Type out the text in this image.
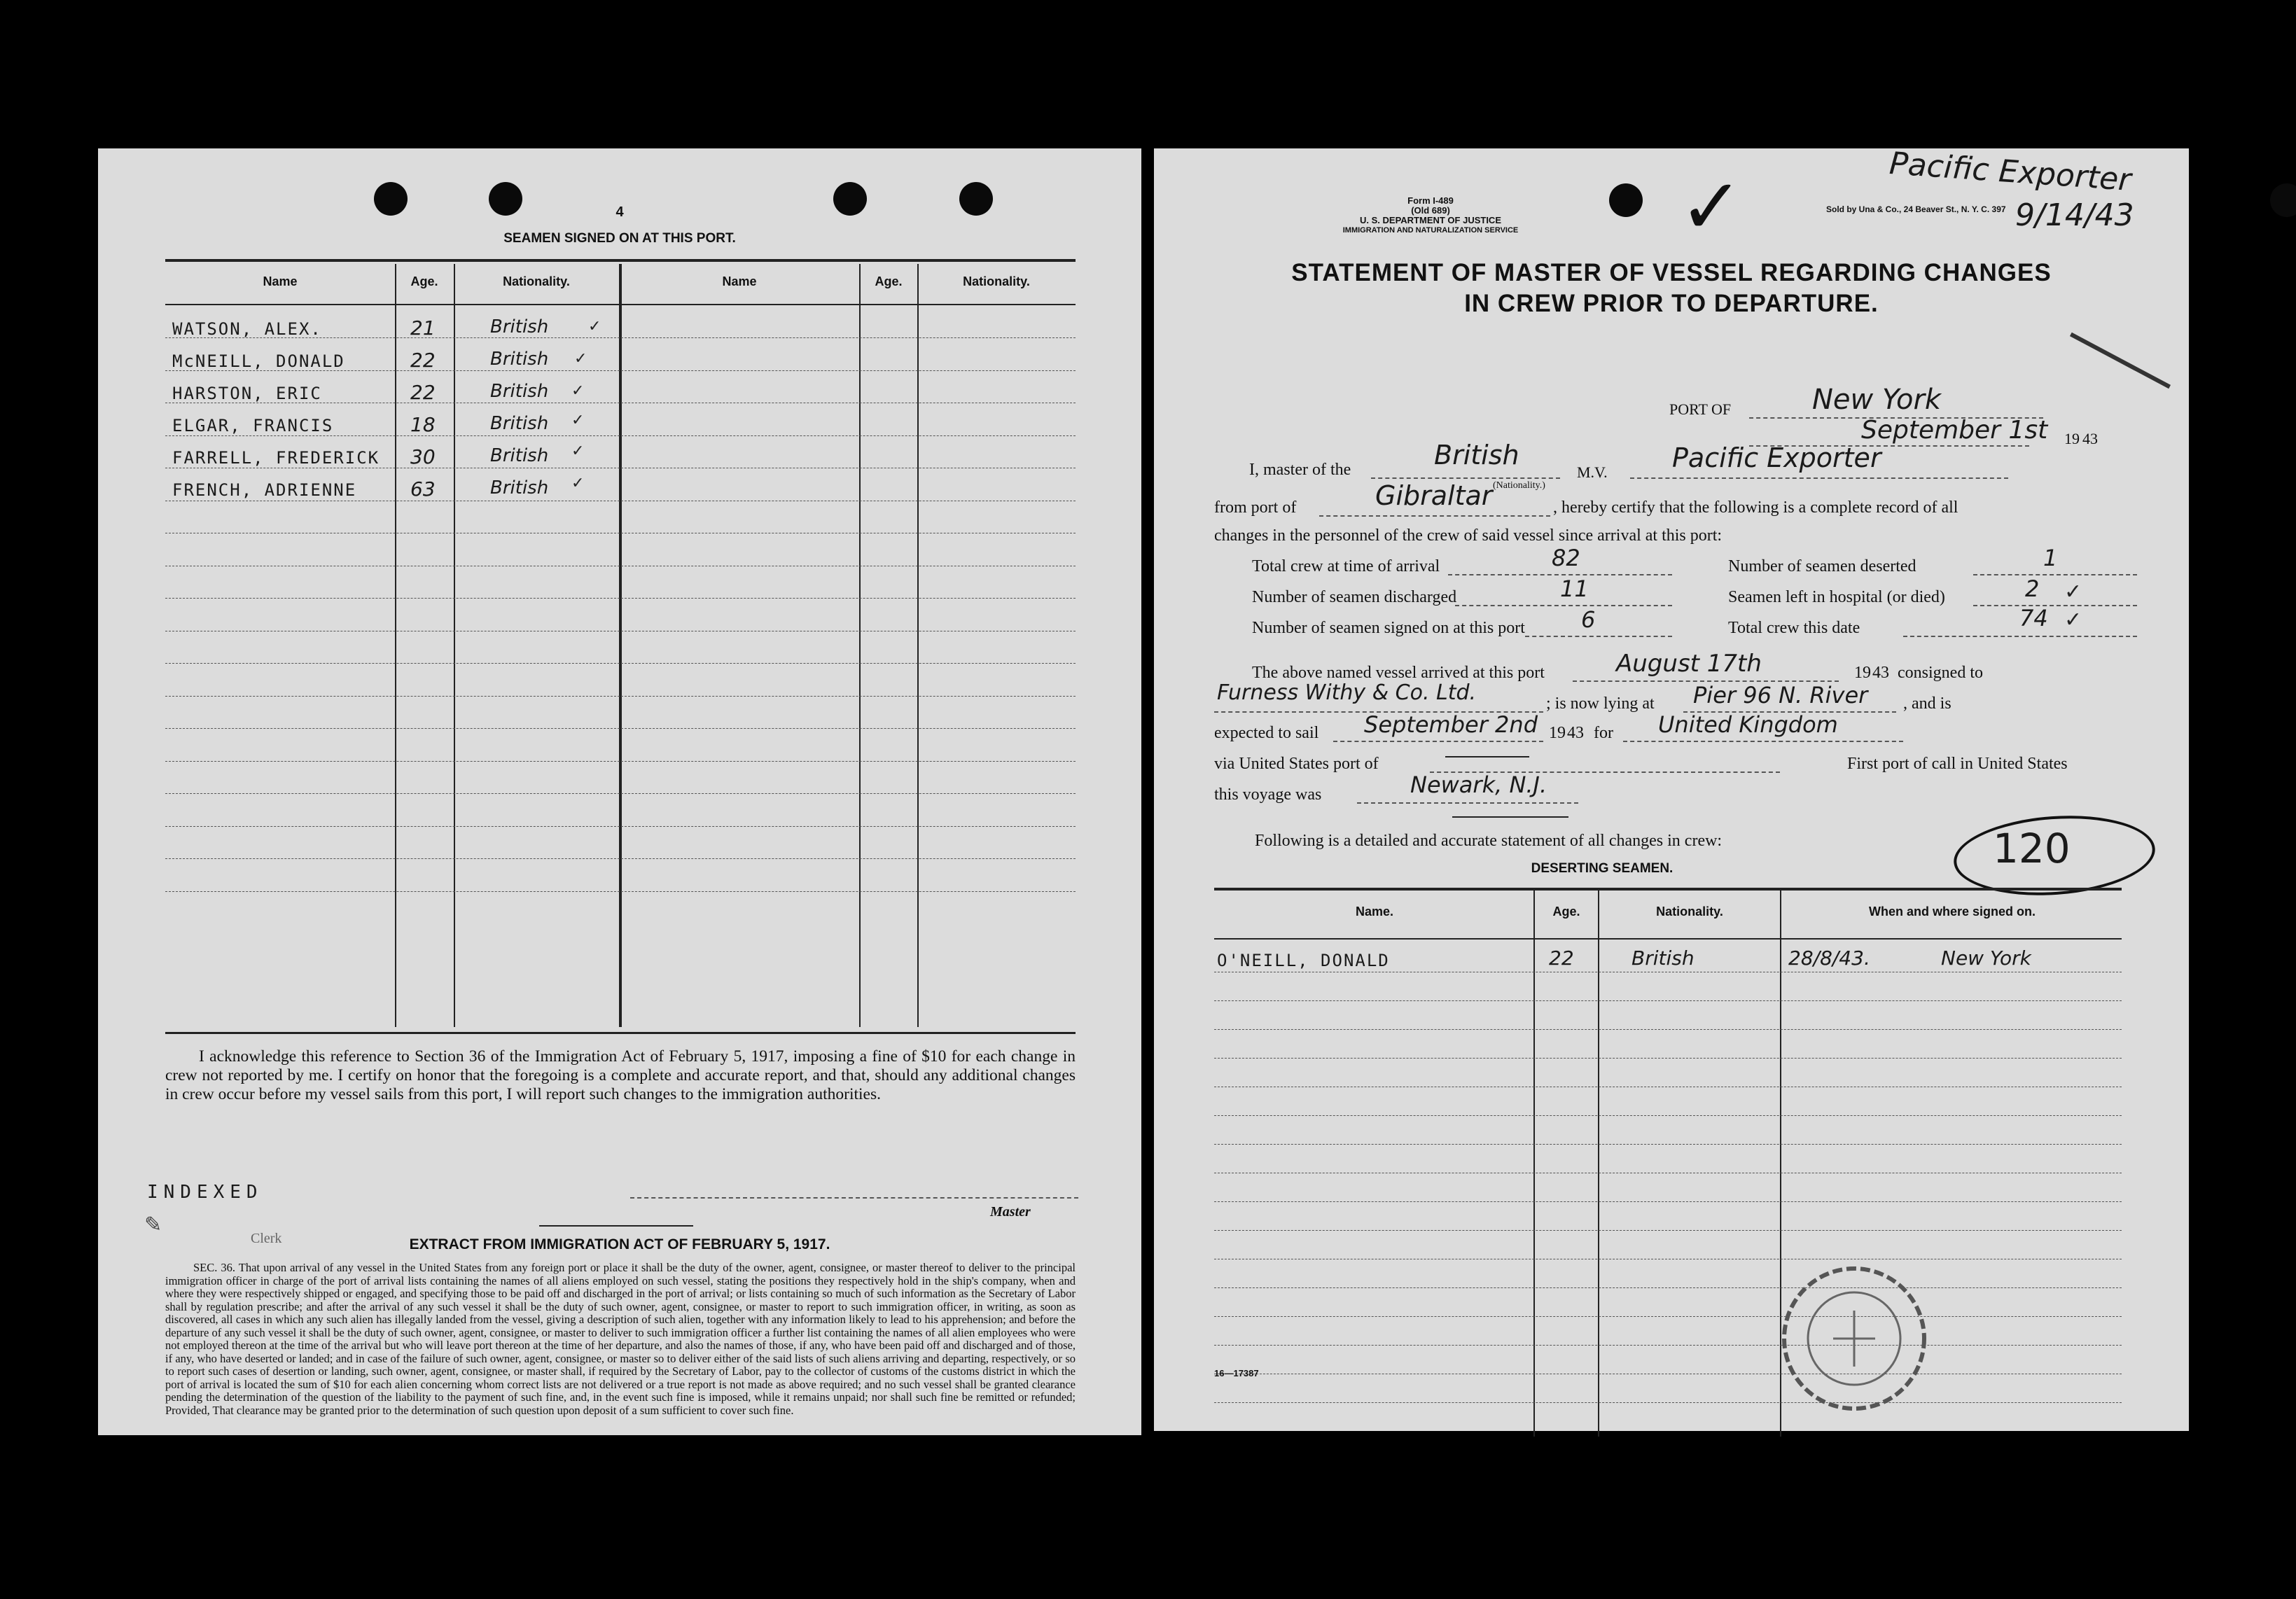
4
SEAMEN SIGNED ON AT THIS PORT.
Name	Age.	Nationality.	Name	Age.	Nationality.
WATSON, ALEX.	21	British	✓
McNEILL, DONALD	22	British ✓
HARSTON, ERIC	22	British ✓
ELGAR, FRANCIS	18	British ✓
FARRELL, FREDERICK 30	British ✓
FRENCH, ADRIENNE	63	British ✓
I acknowledge this reference to Section 36 of the Immigration Act of February 5, 1917, imposing a fine of $10 for each change in crew not reported by me. I certify on honor that the foregoing is a complete and accurate report, and that, should any additional changes in crew occur before my vessel sails from this port, I will report such changes to the immigration authorities.
INDEXED
✎
Clerk
Master
EXTRACT FROM IMMIGRATION ACT OF FEBRUARY 5, 1917.
SEC. 36. That upon arrival of any vessel in the United States from any foreign port or place it shall be the duty of the owner, agent, consignee, or master thereof to deliver to the principal immigration officer in charge of the port of arrival lists containing the names of all aliens employed on such vessel, stating the positions they respectively hold in the ship's company, when and where they were respectively shipped or engaged, and specifying those to be paid off and discharged in the port of arrival; or lists containing so much of such information as the Secretary of Labor shall by regulation prescribe; and after the arrival of any such vessel it shall be the duty of such owner, agent, consignee, or master to report to such immigration officer, in writing, as soon as discovered, all cases in which any such alien has illegally landed from the vessel, giving a description of such alien, together with any information likely to lead to his apprehension; and before the departure of any such vessel it shall be the duty of such owner, agent, consignee, or master to deliver to such immigration officer a further list containing the names of all alien employees who were not employed thereon at the time of the arrival but who will leave port thereon at the time of her departure, and also the names of those, if any, who have been paid off and discharged and of those, if any, who have deserted or landed; and in case of the failure of such owner, agent, consignee, or master so to deliver either of the said lists of such aliens arriving and departing, respectively, or so to report such cases of desertion or landing, such owner, agent, consignee, or master shall, if required by the Secretary of Labor, pay to the collector of customs of the customs district in which the port of arrival is located the sum of $10 for each alien concerning whom correct lists are not delivered or a true report is not made as above required; and no such vessel shall be granted clearance pending the determination of the question of the liability to the payment of such fine, and, in the event such fine is imposed, while it remains unpaid; nor shall such fine be remitted or refunded; Provided, That clearance may be granted prior to the determination of such question upon deposit of a sum sufficient to cover such fine.
✓
Form I-489
(Old 689)
U. S. DEPARTMENT OF JUSTICE
IMMIGRATION AND NATURALIZATION SERVICE
Sold by Una & Co., 24 Beaver St., N. Y. C. 397
Pacific Exporter
9/14/43
STATEMENT OF MASTER OF VESSEL REGARDING CHANGES
IN CREW PRIOR TO DEPARTURE.
PORT OF	New York
September 1st 19 43
I, master of the	British
(Nationality.)
M.V. Pacific Exporter
from port of	Gibraltar	, hereby certify that the following is a complete record of all
changes in the personnel of the crew of said vessel since arrival at this port:
Total crew at time of arrival	82	Number of seamen deserted	1
Number of seamen discharged	11	Seamen left in hospital (or died)	2 ✓
Number of seamen signed on at this port	6	Total crew this date	74 ✓
The above named vessel arrived at this port	August 17th	19 43 consigned to
Furness Withy & Co. Ltd.	; is now lying at Pier 96 N. River , and is
expected to sail September 2nd 19 43 for United Kingdom
via United States port of	First port of call in United States
this voyage was	Newark, N.J.
Following is a detailed and accurate statement of all changes in crew:	120
DESERTING SEAMEN.
Name.	Age.	Nationality.	When and where signed on.
O'NEILL, DONALD	22	British	28/8/43.	New York
16—17387
